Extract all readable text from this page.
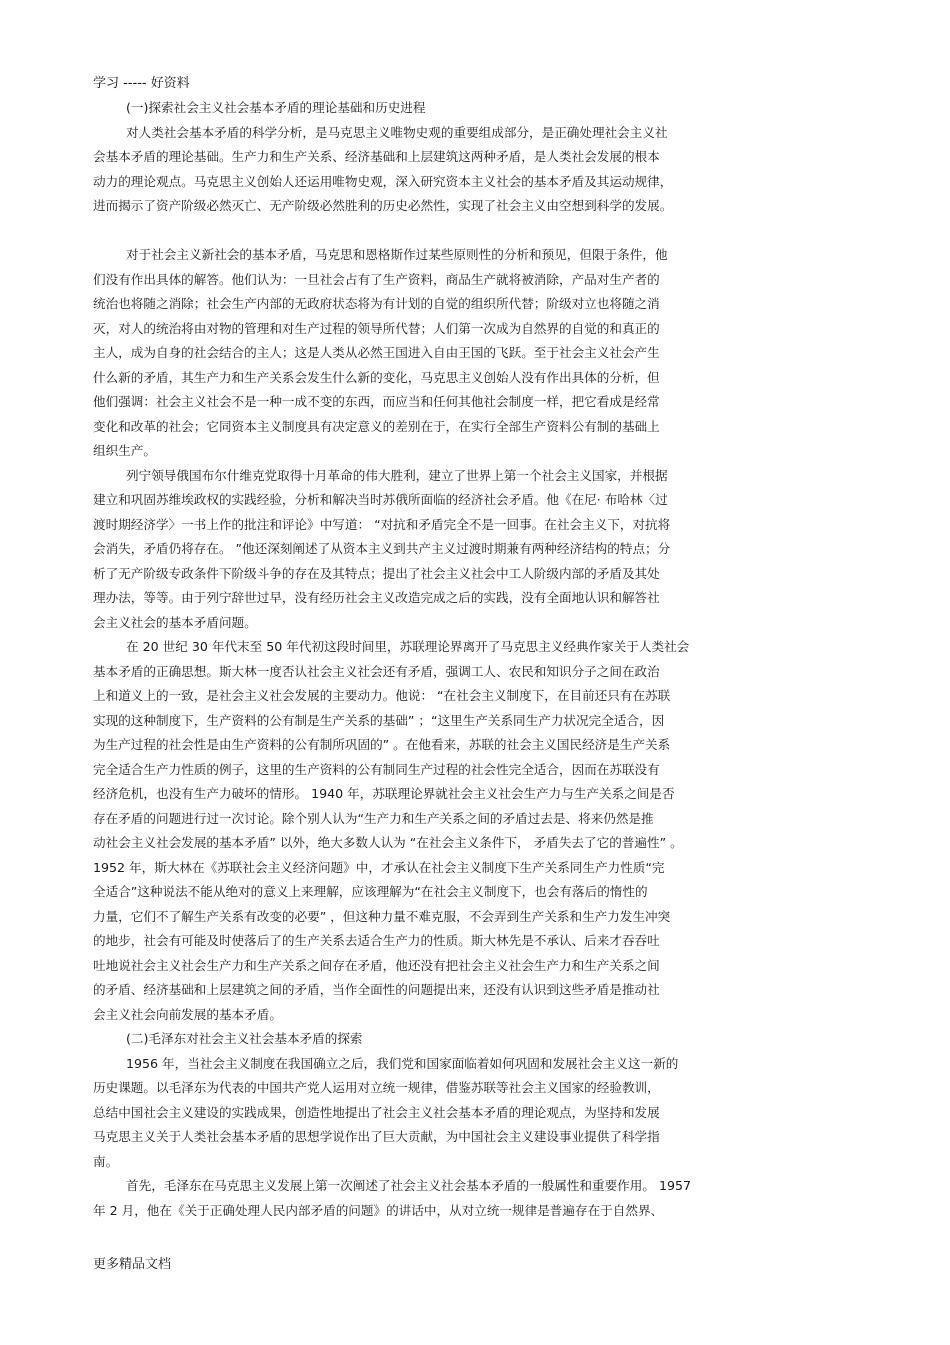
学习 ----- 好资料
(一)探索社会主义社会基本矛盾的理论基础和历史进程
对人类社会基本矛盾的科学分析，是马克思主义唯物史观的重要组成部分，是正确处理社会主义社
会基本矛盾的理论基础。生产力和生产关系、经济基础和上层建筑这两种矛盾，是人类社会发展的根本
动力的理论观点。马克思主义创始人还运用唯物史观，深入研究资本主义社会的基本矛盾及其运动规律，
进而揭示了资产阶级必然灭亡、无产阶级必然胜利的历史必然性，实现了社会主义由空想到科学的发展。
对于社会主义新社会的基本矛盾，马克思和恩格斯作过某些原则性的分析和预见，但限于条件，他
们没有作出具体的解答。他们认为：一旦社会占有了生产资料，商品生产就将被消除，产品对生产者的
统治也将随之消除；社会生产内部的无政府状态将为有计划的自觉的组织所代替；阶级对立也将随之消
灭，对人的统治将由对物的管理和对生产过程的领导所代替；人们第一次成为自然界的自觉的和真正的
主人，成为自身的社会结合的主人；这是人类从必然王国进入自由王国的飞跃。至于社会主义社会产生
什么新的矛盾，其生产力和生产关系会发生什么新的变化，马克思主义创始人没有作出具体的分析，但
他们强调：社会主义社会不是一种一成不变的东西，而应当和任何其他社会制度一样，把它看成是经常
变化和改革的社会；它同资本主义制度具有决定意义的差别在于，在实行全部生产资料公有制的基础上
组织生产。
列宁领导俄国布尔什维克党取得十月革命的伟大胜利，建立了世界上第一个社会主义国家，并根据
建立和巩固苏维埃政权的实践经验，分析和解决当时苏俄所面临的经济社会矛盾。他《在尼· 布哈林〈过
渡时期经济学〉一书上作的批注和评论》中写道： “对抗和矛盾完全不是一回事。在社会主义下，对抗将
会消失，矛盾仍将存在。 ”他还深刻阐述了从资本主义到共产主义过渡时期兼有两种经济结构的特点；分
析了无产阶级专政条件下阶级斗争的存在及其特点；提出了社会主义社会中工人阶级内部的矛盾及其处
理办法，等等。由于列宁辞世过早，没有经历社会主义改造完成之后的实践，没有全面地认识和解答社
会主义社会的基本矛盾问题。
在 20 世纪 30 年代末至 50 年代初这段时间里，苏联理论界离开了马克思主义经典作家关于人类社会
基本矛盾的正确思想。斯大林一度否认社会主义社会还有矛盾，强调工人、农民和知识分子之间在政治
上和道义上的一致，是社会主义社会发展的主要动力。他说： “在社会主义制度下，在目前还只有在苏联
实现的这种制度下，生产资料的公有制是生产关系的基础” ；“这里生产关系同生产力状况完全适合，因
为生产过程的社会性是由生产资料的公有制所巩固的” 。在他看来，苏联的社会主义国民经济是生产关系
完全适合生产力性质的例子，这里的生产资料的公有制同生产过程的社会性完全适合，因而在苏联没有
经济危机，也没有生产力破坏的情形。 1940 年，苏联理论界就社会主义社会生产力与生产关系之间是否
存在矛盾的问题进行过一次讨论。除个别人认为“生产力和生产关系之间的矛盾过去是、将来仍然是推
动社会主义社会发展的基本矛盾” 以外，绝大多数人认为 “在社会主义条件下， 矛盾失去了它的普遍性” 。
1952 年，斯大林在《苏联社会主义经济问题》中，才承认在社会主义制度下生产关系同生产力性质“完
全适合”这种说法不能从绝对的意义上来理解，应该理解为“在社会主义制度下，也会有落后的惰性的
力量，它们不了解生产关系有改变的必要” ，但这种力量不难克服，不会弄到生产关系和生产力发生冲突
的地步，社会有可能及时使落后了的生产关系去适合生产力的性质。斯大林先是不承认、后来才吞吞吐
吐地说社会主义社会生产力和生产关系之间存在矛盾，他还没有把社会主义社会生产力和生产关系之间
的矛盾、经济基础和上层建筑之间的矛盾，当作全面性的问题提出来，还没有认识到这些矛盾是推动社
会主义社会向前发展的基本矛盾。
(二)毛泽东对社会主义社会基本矛盾的探索
1956 年，当社会主义制度在我国确立之后，我们党和国家面临着如何巩固和发展社会主义这一新的
历史课题。以毛泽东为代表的中国共产党人运用对立统一规律，借鉴苏联等社会主义国家的经验教训，
总结中国社会主义建设的实践成果，创造性地提出了社会主义社会基本矛盾的理论观点，为坚持和发展
马克思主义关于人类社会基本矛盾的思想学说作出了巨大贡献，为中国社会主义建设事业提供了科学指
南。
首先，毛泽东在马克思主义发展上第一次阐述了社会主义社会基本矛盾的一般属性和重要作用。 1957
年 2 月，他在《关于正确处理人民内部矛盾的问题》的讲话中，从对立统一规律是普遍存在于自然界、
更多精品文档
